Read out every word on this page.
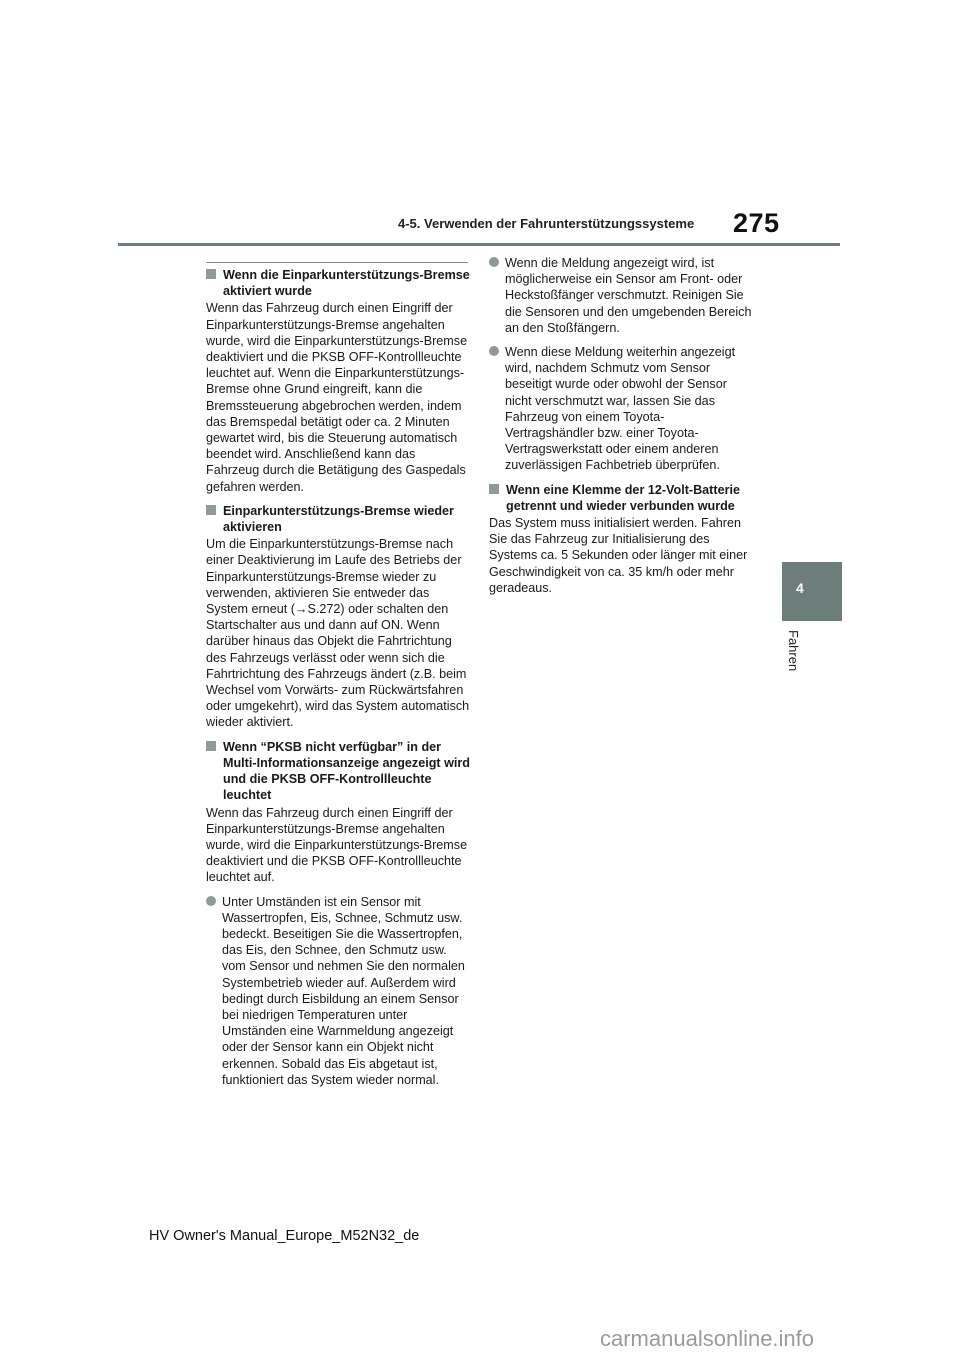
4-5. Verwenden der Fahrunterstützungssysteme 275
4
Fahren
Wenn die Einparkunterstützungs-Bremse aktiviert wurde
Wenn das Fahrzeug durch einen Eingriff der Einparkunterstützungs-Bremse angehalten wurde, wird die Einparkunterstützungs-Bremse deaktiviert und die PKSB OFF-Kontrollleuchte leuchtet auf. Wenn die Einparkunterstützungs-Bremse ohne Grund eingreift, kann die Bremssteuerung abgebrochen werden, indem das Bremspedal betätigt oder ca. 2 Minuten gewartet wird, bis die Steuerung automatisch beendet wird. Anschließend kann das Fahrzeug durch die Betätigung des Gaspedals gefahren werden.
Einparkunterstützungs-Bremse wieder aktivieren
Um die Einparkunterstützungs-Bremse nach einer Deaktivierung im Laufe des Betriebs der Einparkunterstützungs-Bremse wieder zu verwenden, aktivieren Sie entweder das System erneut (→S.272) oder schalten den Startschalter aus und dann auf ON. Wenn darüber hinaus das Objekt die Fahrtrichtung des Fahrzeugs verlässt oder wenn sich die Fahrtrichtung des Fahrzeugs ändert (z.B. beim Wechsel vom Vorwärts- zum Rückwärtsfahren oder umgekehrt), wird das System automatisch wieder aktiviert.
Wenn “PKSB nicht verfügbar” in der Multi-Informationsanzeige angezeigt wird und die PKSB OFF-Kontrollleuchte leuchtet
Wenn das Fahrzeug durch einen Eingriff der Einparkunterstützungs-Bremse angehalten wurde, wird die Einparkunterstützungs-Bremse deaktiviert und die PKSB OFF-Kontrollleuchte leuchtet auf.
Unter Umständen ist ein Sensor mit Wassertropfen, Eis, Schnee, Schmutz usw. bedeckt. Beseitigen Sie die Wassertropfen, das Eis, den Schnee, den Schmutz usw. vom Sensor und nehmen Sie den normalen Systembetrieb wieder auf. Außerdem wird bedingt durch Eisbildung an einem Sensor bei niedrigen Temperaturen unter Umständen eine Warnmeldung angezeigt oder der Sensor kann ein Objekt nicht erkennen. Sobald das Eis abgetaut ist, funktioniert das System wieder normal.
Wenn die Meldung angezeigt wird, ist möglicherweise ein Sensor am Front- oder Heckstoßfänger verschmutzt. Reinigen Sie die Sensoren und den umgebenden Bereich an den Stoßfängern.
Wenn diese Meldung weiterhin angezeigt wird, nachdem Schmutz vom Sensor beseitigt wurde oder obwohl der Sensor nicht verschmutzt war, lassen Sie das Fahrzeug von einem Toyota-Vertragshändler bzw. einer Toyota-Vertragswerkstatt oder einem anderen zuverlässigen Fachbetrieb überprüfen.
Wenn eine Klemme der 12-Volt-Batterie getrennt und wieder verbunden wurde
Das System muss initialisiert werden. Fahren Sie das Fahrzeug zur Initialisierung des Systems ca. 5 Sekunden oder länger mit einer Geschwindigkeit von ca. 35 km/h oder mehr geradeaus.
HV Owner's Manual_Europe_M52N32_de
carmanualsonline.info
